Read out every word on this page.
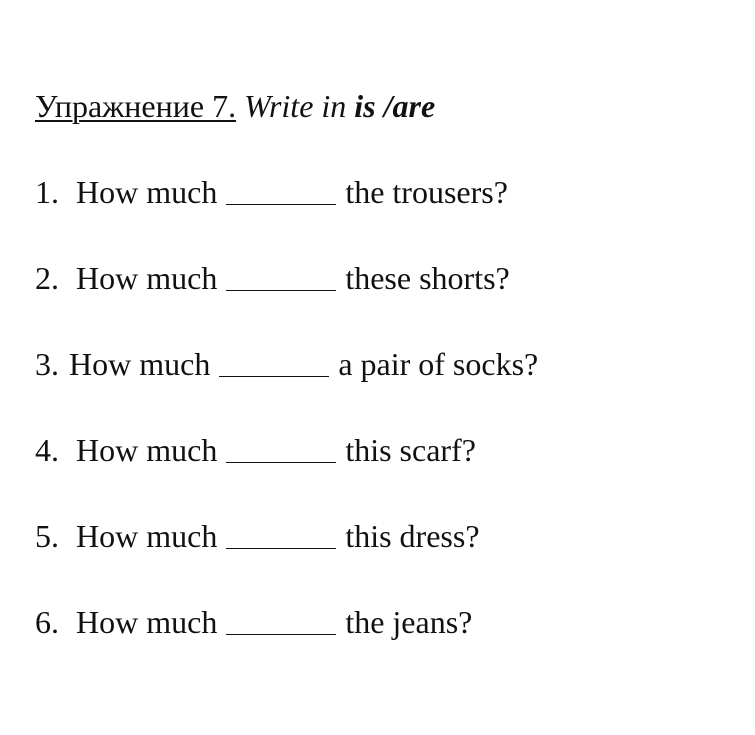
Упражнение 7. Write in is /are
1. How much	the trousers?
2. How much	these shorts?
3. How much	a pair of socks?
4. How much	this scarf?
5. How much	this dress?
6. How much	the jeans?
